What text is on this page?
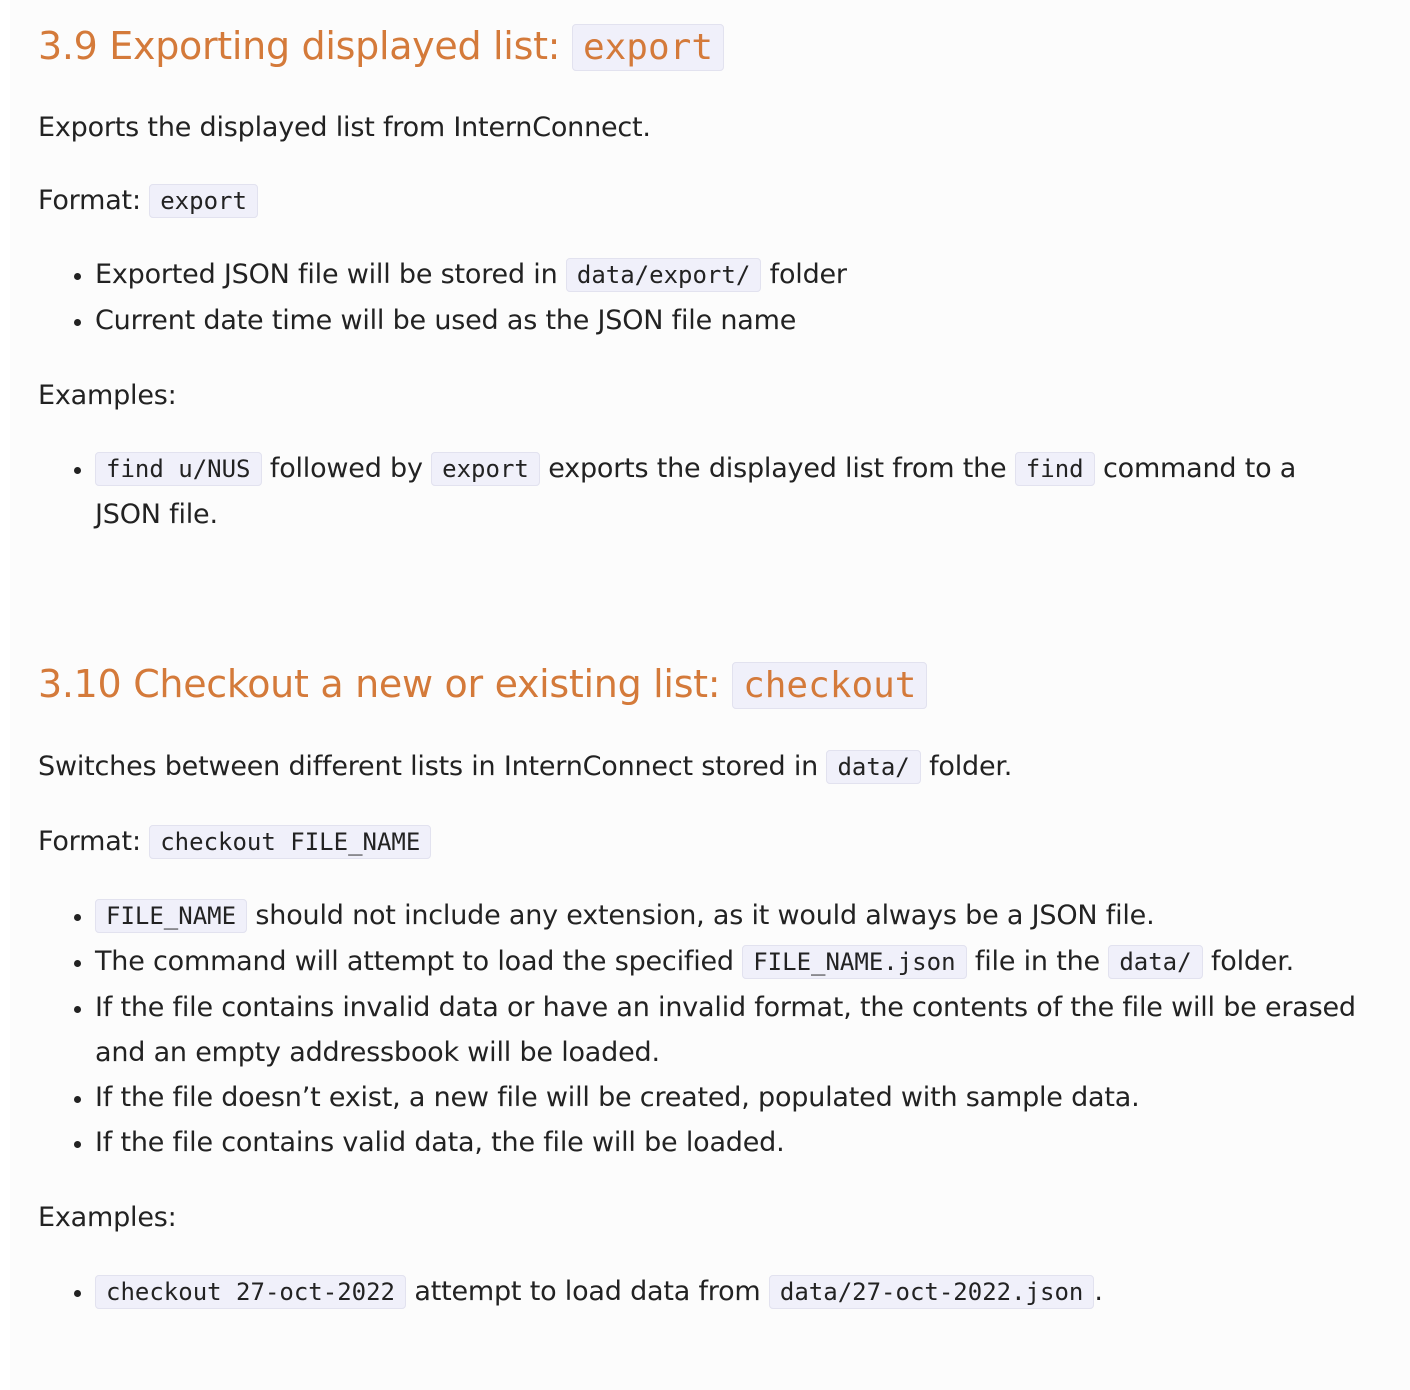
3.9 Exporting displayed list: export

Exports the displayed list from InternConnect.

Format: export

• Exported JSON file will be stored in data/export/ folder
• Current date time will be used as the JSON file name

Examples:

• find u/NUS followed by export exports the displayed list from the find command to a JSON file.
3.10 Checkout a new or existing list: checkout

Switches between different lists in InternConnect stored in data/ folder.

Format: checkout FILE_NAME

• FILE_NAME should not include any extension, as it would always be a JSON file.
• The command will attempt to load the specified FILE_NAME.json file in the data/ folder.
• If the file contains invalid data or have an invalid format, the contents of the file will be erased and an empty addressbook will be loaded.
• If the file doesn’t exist, a new file will be created, populated with sample data.
• If the file contains valid data, the file will be loaded.

Examples:

• checkout 27-oct-2022 attempt to load data from data/27-oct-2022.json .
